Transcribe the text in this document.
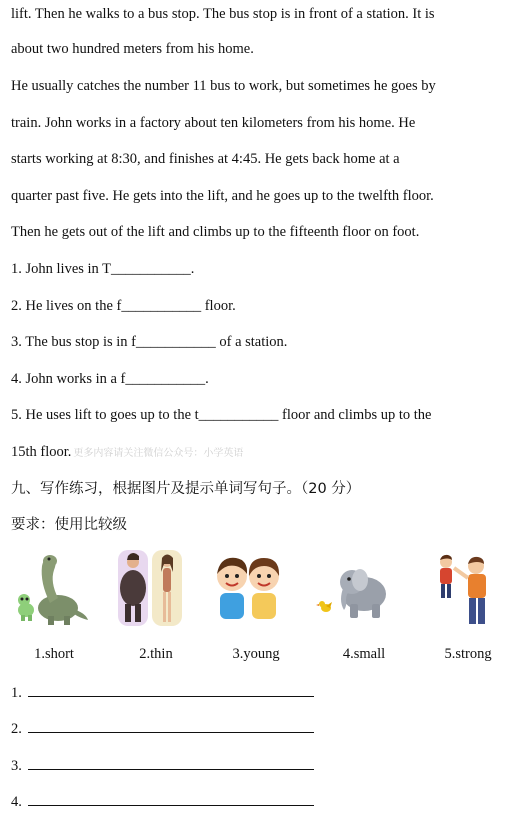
lift. Then he walks to a bus stop. The bus stop is in front of a station. It is
about two hundred meters from his home.
He usually catches the number 11 bus to work, but sometimes he goes by
train. John works in a factory about ten kilometers from his home. He
starts working at 8:30, and finishes at 4:45. He gets back home at a
quarter past five. He gets into the lift, and he goes up to the twelfth floor.
Then he gets out of the lift and climbs up to the fifteenth floor on foot.
1. John lives in T___________.
2. He lives on the f___________ floor.
3. The bus stop is in f___________ of a station.
4. John works in a f___________.
5. He uses lift to goes up to the t___________ floor and climbs up to the
15th floor. 更多内容请关注微信公众号：小学英语
九、写作练习，根据图片及提示单词写句子。（20 分）
要求：使用比较级
1.short	2.thin	3.young	4.small	5.strong
1.
2.
3.
4.
